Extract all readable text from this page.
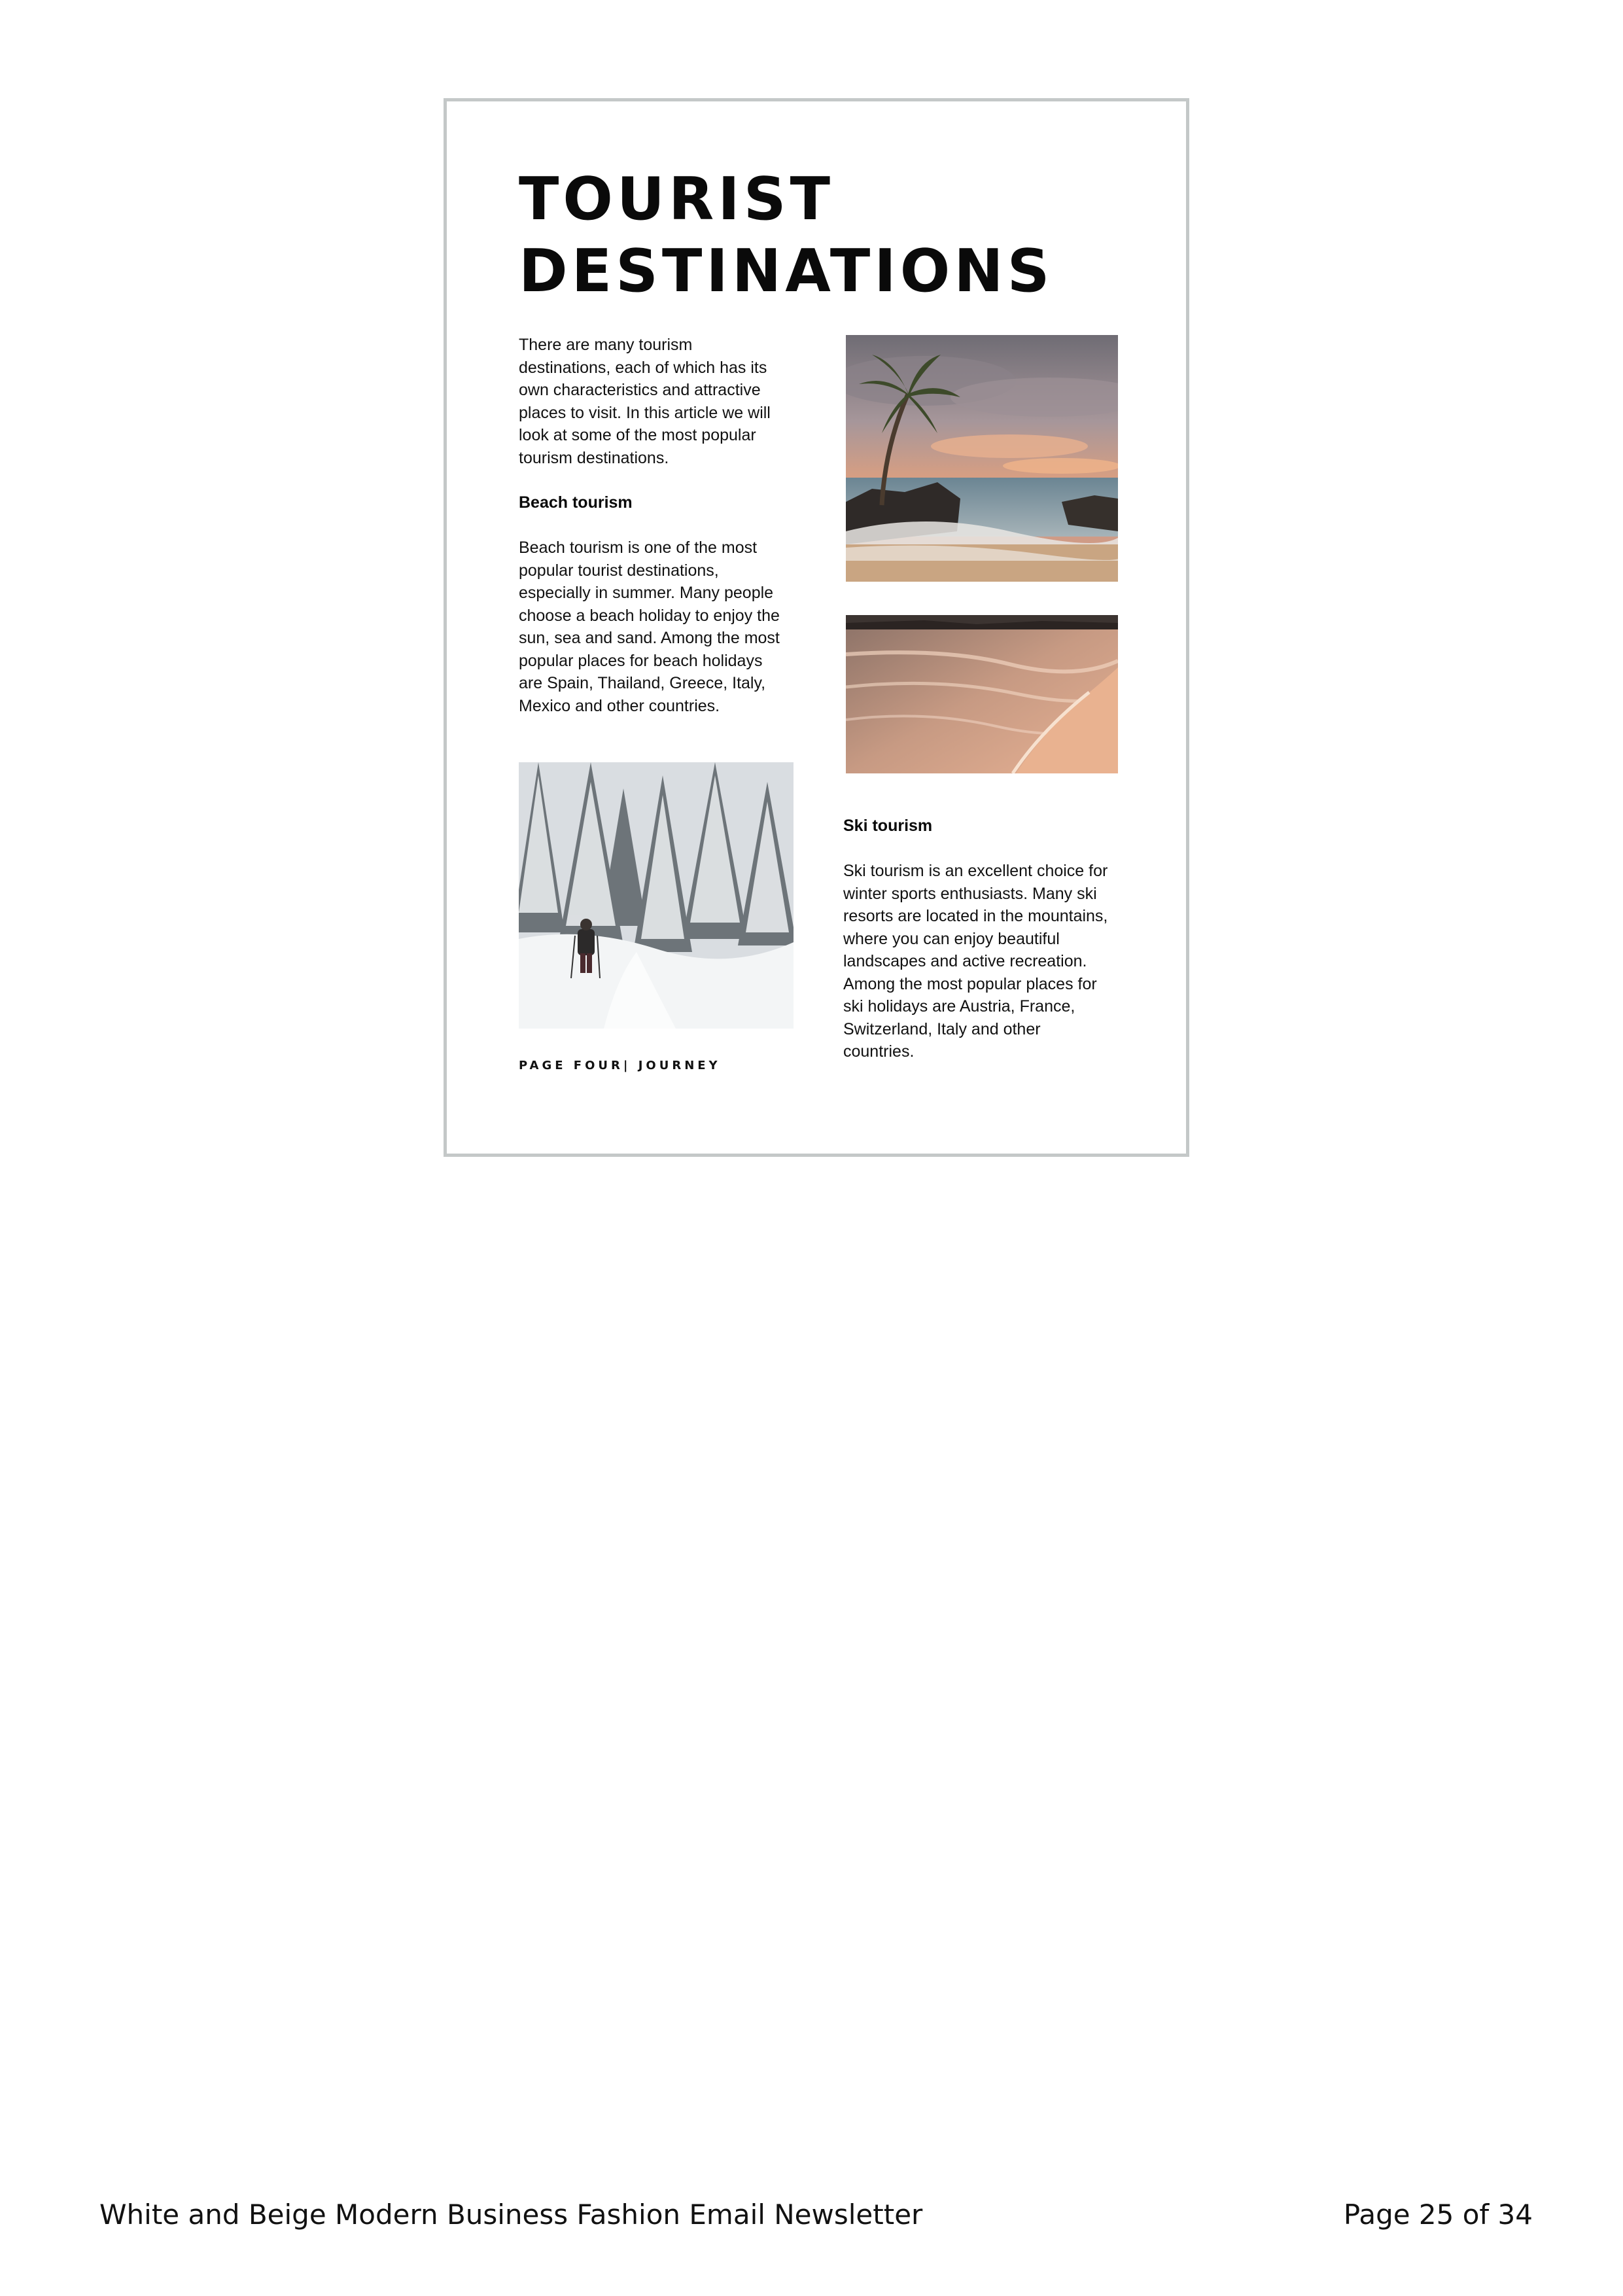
TOURIST
DESTINATIONS

There are many tourism
destinations, each of which has its
own characteristics and attractive
places to visit. In this article we will
look at some of the most popular
tourism destinations.

Beach tourism

Beach tourism is one of the most
popular tourist destinations,
especially in summer. Many people
choose a beach holiday to enjoy the
sun, sea and sand. Among the most
popular places for beach holidays
are Spain, Thailand, Greece, Italy,
Mexico and other countries.

Ski tourism

Ski tourism is an excellent choice for
winter sports enthusiasts. Many ski
resorts are located in the mountains,
where you can enjoy beautiful
landscapes and active recreation.
Among the most popular places for
ski holidays are Austria, France,
Switzerland, Italy and other
countries.

PAGE FOUR| JOURNEY
White and Beige Modern Business Fashion Email Newsletter	Page 25 of 34
